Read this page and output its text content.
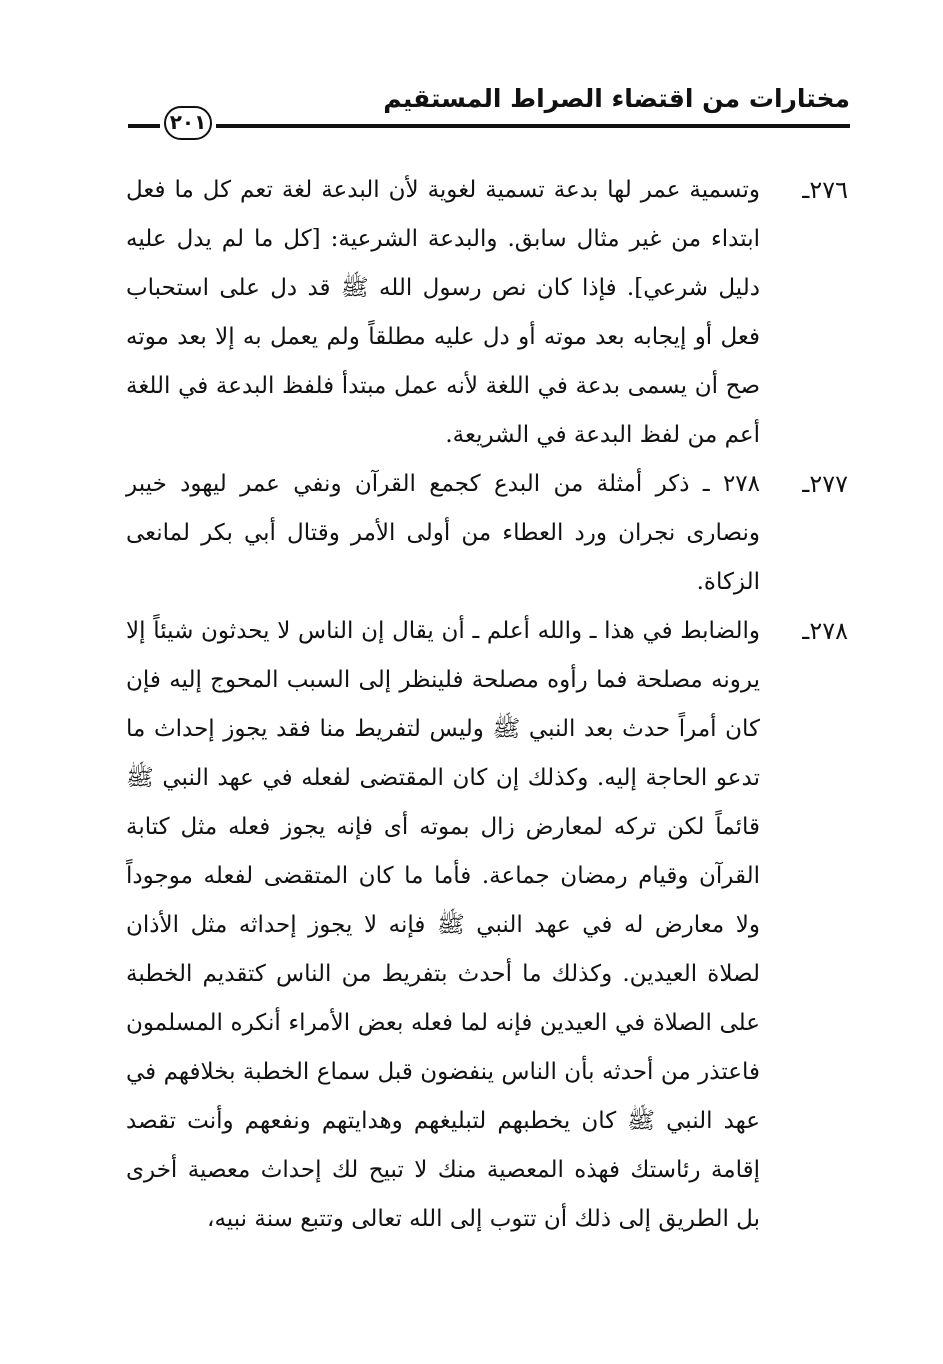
مختارات من اقتضاء الصراط المستقيم
٢٠١
٢٧٦ـ
وتسمية عمر لها بدعة تسمية لغوية لأن البدعة لغة تعم كل ما فعل ابتداء من غير مثال سابق. والبدعة الشرعية: [كل ما لم يدل عليه دليل شرعي]. فإذا كان نص رسول الله ﷺ قد دل على استحباب فعل أو إيجابه بعد موته أو دل عليه مطلقاً ولم يعمل به إلا بعد موته صح أن يسمى بدعة في اللغة لأنه عمل مبتدأ فلفظ البدعة في اللغة أعم من لفظ البدعة في الشريعة.
٢٧٧ـ
٢٧٨ ـ ذكر أمثلة من البدع كجمع القرآن ونفي عمر ليهود خيبر ونصارى نجران ورد العطاء من أولى الأمر وقتال أبي بكر لمانعى الزكاة.
٢٧٨ـ
والضابط في هذا ـ والله أعلم ـ أن يقال إن الناس لا يحدثون شيئاً إلا يرونه مصلحة فما رأوه مصلحة فلينظر إلى السبب المحوج إليه فإن كان أمراً حدث بعد النبي ﷺ وليس لتفريط منا فقد يجوز إحداث ما تدعو الحاجة إليه. وكذلك إن كان المقتضى لفعله في عهد النبي ﷺ قائماً لكن تركه لمعارض زال بموته أى فإنه يجوز فعله مثل كتابة القرآن وقيام رمضان جماعة. فأما ما كان المتقضى لفعله موجوداً ولا معارض له في عهد النبي ﷺ فإنه لا يجوز إحداثه مثل الأذان لصلاة العيدين. وكذلك ما أحدث بتفريط من الناس كتقديم الخطبة على الصلاة في العيدين فإنه لما فعله بعض الأمراء أنكره المسلمون فاعتذر من أحدثه بأن الناس ينفضون قبل سماع الخطبة بخلافهم في عهد النبي ﷺ كان يخطبهم لتبليغهم وهدايتهم ونفعهم وأنت تقصد إقامة رئاستك فهذه المعصية منك لا تبيح لك إحداث معصية أخرى بل الطريق إلى ذلك أن تتوب إلى الله تعالى وتتبع سنة نبيه،
